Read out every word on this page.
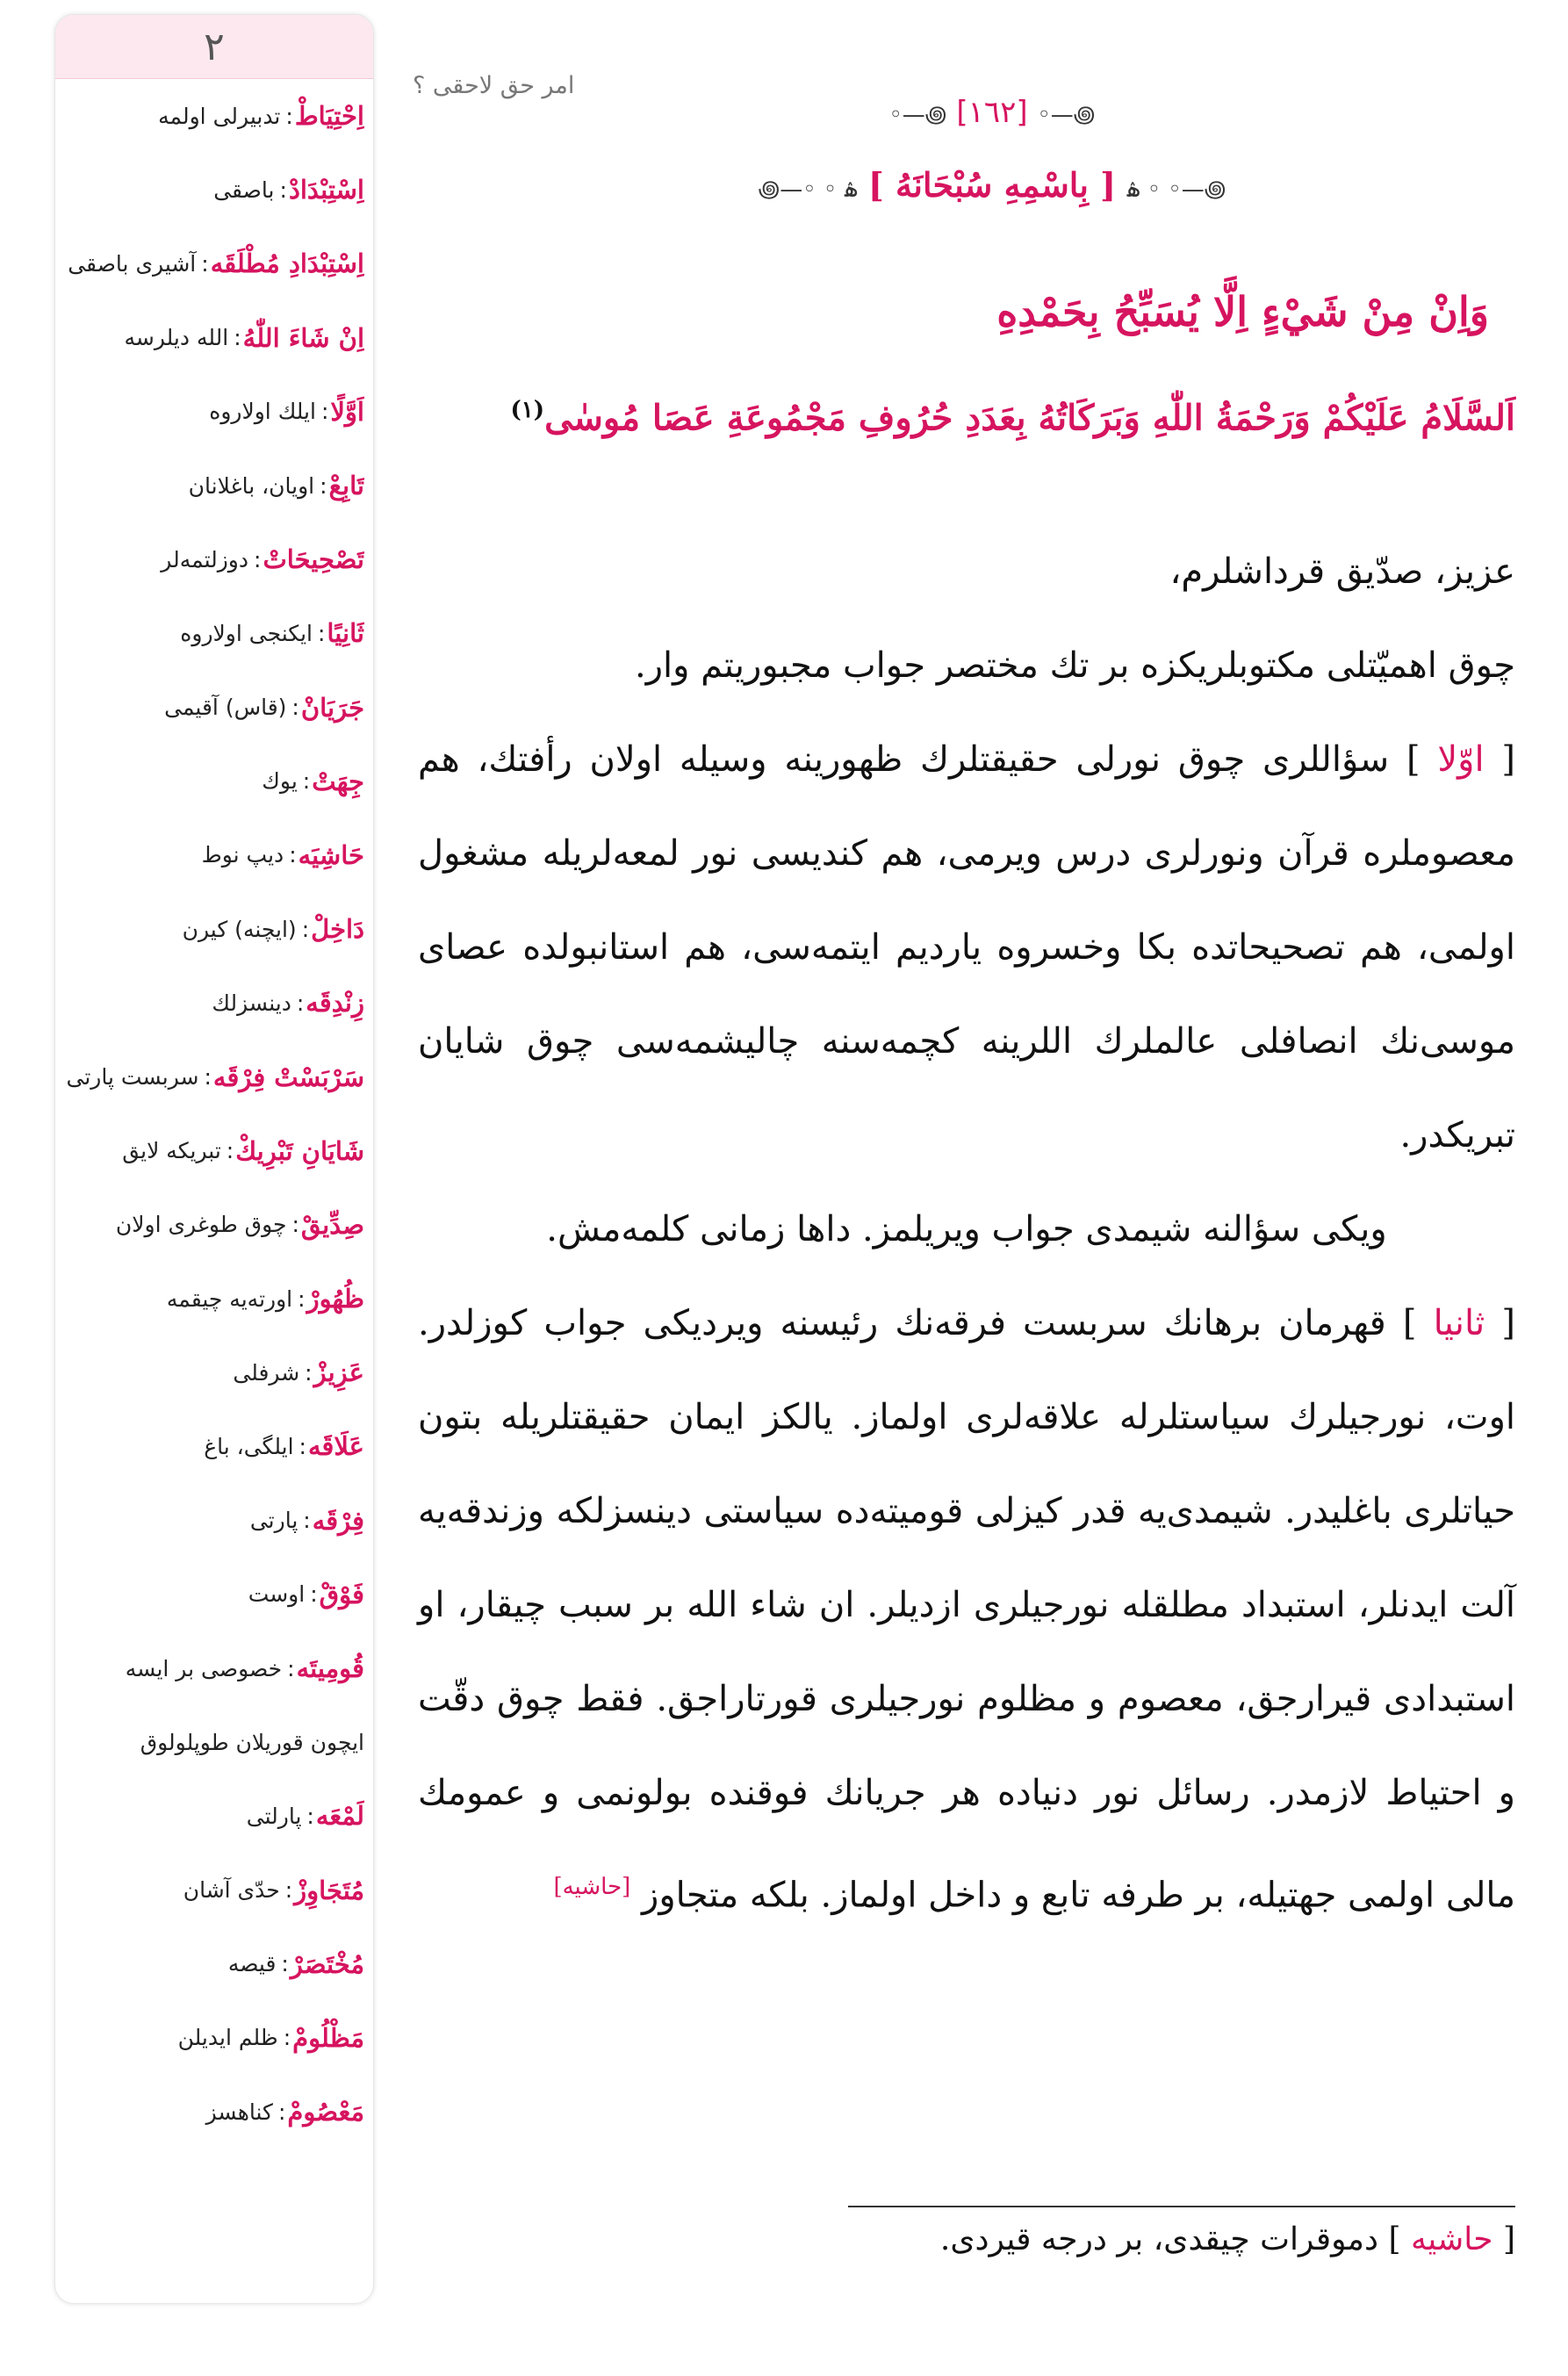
٢
اِحْتِيَاطْ
:
تدبیرلی اولمه
اِسْتِبْدَادْ
:
باصقی
اِسْتِبْدَادِ مُطْلَقَه
:
آشیری باصقی
اِنْ شَاءَ اللّٰهُ
:
الله دیلرسه
اَوَّلًا
:
ایلك اولاروه
تَابِعْ
:
اویان، باغلانان
تَصْحِيحَاتْ
:
دوزلتمه‌لر
ثَانِيًا
:
ایکنجی اولاروه
جَرَيَانْ
:
(قاس) آقیمی
جِهَتْ
:
یوك
حَاشِيَه
:
دیپ نوط
دَاخِلْ
:
(ایچنه) کیرن
زِنْدِقَه
:
دینسزلك
سَرْبَسْتْ فِرْقَه
:
سربست پارتی
شَايَانِ تَبْرِيكْ
:
تبریکه لایق
صِدِّيقْ
:
چوق طوغری اولان
ظُهُورْ
:
اورته‌یه چیقمه
عَزِيزْ
:
شرفلی
عَلَاقَه
:
ایلگی، باغ
فِرْقَه
:
پارتی
فَوْقْ
:
اوست
قُومِيتَه
:
خصوصی بر ایسه
ایچون قوریلان طوپلولوق
لَمْعَه
:
پارلتی
مُتَجَاوِزْ
:
حدّی آشان
مُخْتَصَرْ
:
قیصه
مَظْلُومْ
:
ظلم ایدیلن
مَعْصُومْ
:
کناهسز
امر حق لاحقی ؟
◦—꩜ [١٦٢] ◦—꩜
꩜—◦ ◦ ۿ [ بِاسْمِهِ سُبْحَانَهُ ] ۿ ◦ ◦—꩜
وَاِنْ مِنْ شَيْءٍ اِلَّا يُسَبِّحُ بِحَمْدِهِ
اَلسَّلَامُ عَلَيْكُمْ وَرَحْمَةُ اللّٰهِ وَبَرَكَاتُهُ بِعَدَدِ حُرُوفِ مَجْمُوعَةِ عَصَا مُوسٰى$^{(١)}$

عزیز، صدّیق قرداشلرم،

چوق اهمیّتلی مکتوبلریکزه بر تك مختصر جواب مجبوریتم وار.

[ اوّلا ] سؤاللری چوق نورلی حقیقتلرك ظهورینه وسیله اولان رأفتك، هم معصوملره قرآن ونورلری درس ویرمی، هم کندیسی نور لمعه‌لریله مشغول اولمی، هم تصحیحاتده بكا وخسروه یاردیم ایتمه‌سی، هم استانبولده عصای موسی‌نك انصافلی عالملرك اللرینه کچمه‌سنه چالیشمه‌سی چوق شایان تبریکدر.

ویکی سؤالنه شیمدی جواب ویریلمز. داها زمانی کلمه‌مش.

[ ثانیا ] قهرمان برهانك سربست فرقه‌نك رئیسنه ویردیکی جواب کوزلدر. اوت، نورجیلرك سیاستلرله علاقه‌لری اولماز. یالکز ایمان حقیقتلریله بتون حیاتلری باغلیدر. شیمدی‌یه قدر کیزلی قومیته‌ده سیاستی دینسزلکه وزندقه‌یه آلت ایدنلر، استبداد مطلقله نورجیلری ازدیلر. ان شاء الله بر سبب چیقار، او استبدادی قیرارجق، معصوم و مظلوم نورجیلری قورتاراجق. فقط چوق دقّت و احتیاط لازمدر. رسائل نور دنیاده هر جریانك فوقنده بولونمی و عمومك مالی اولمی جهتیله، بر طرفه تابع و داخل اولماز. بلکه متجاوز [حاشیه]

[ حاشیه ] دموقرات چیقدی، بر درجه قیردی.
